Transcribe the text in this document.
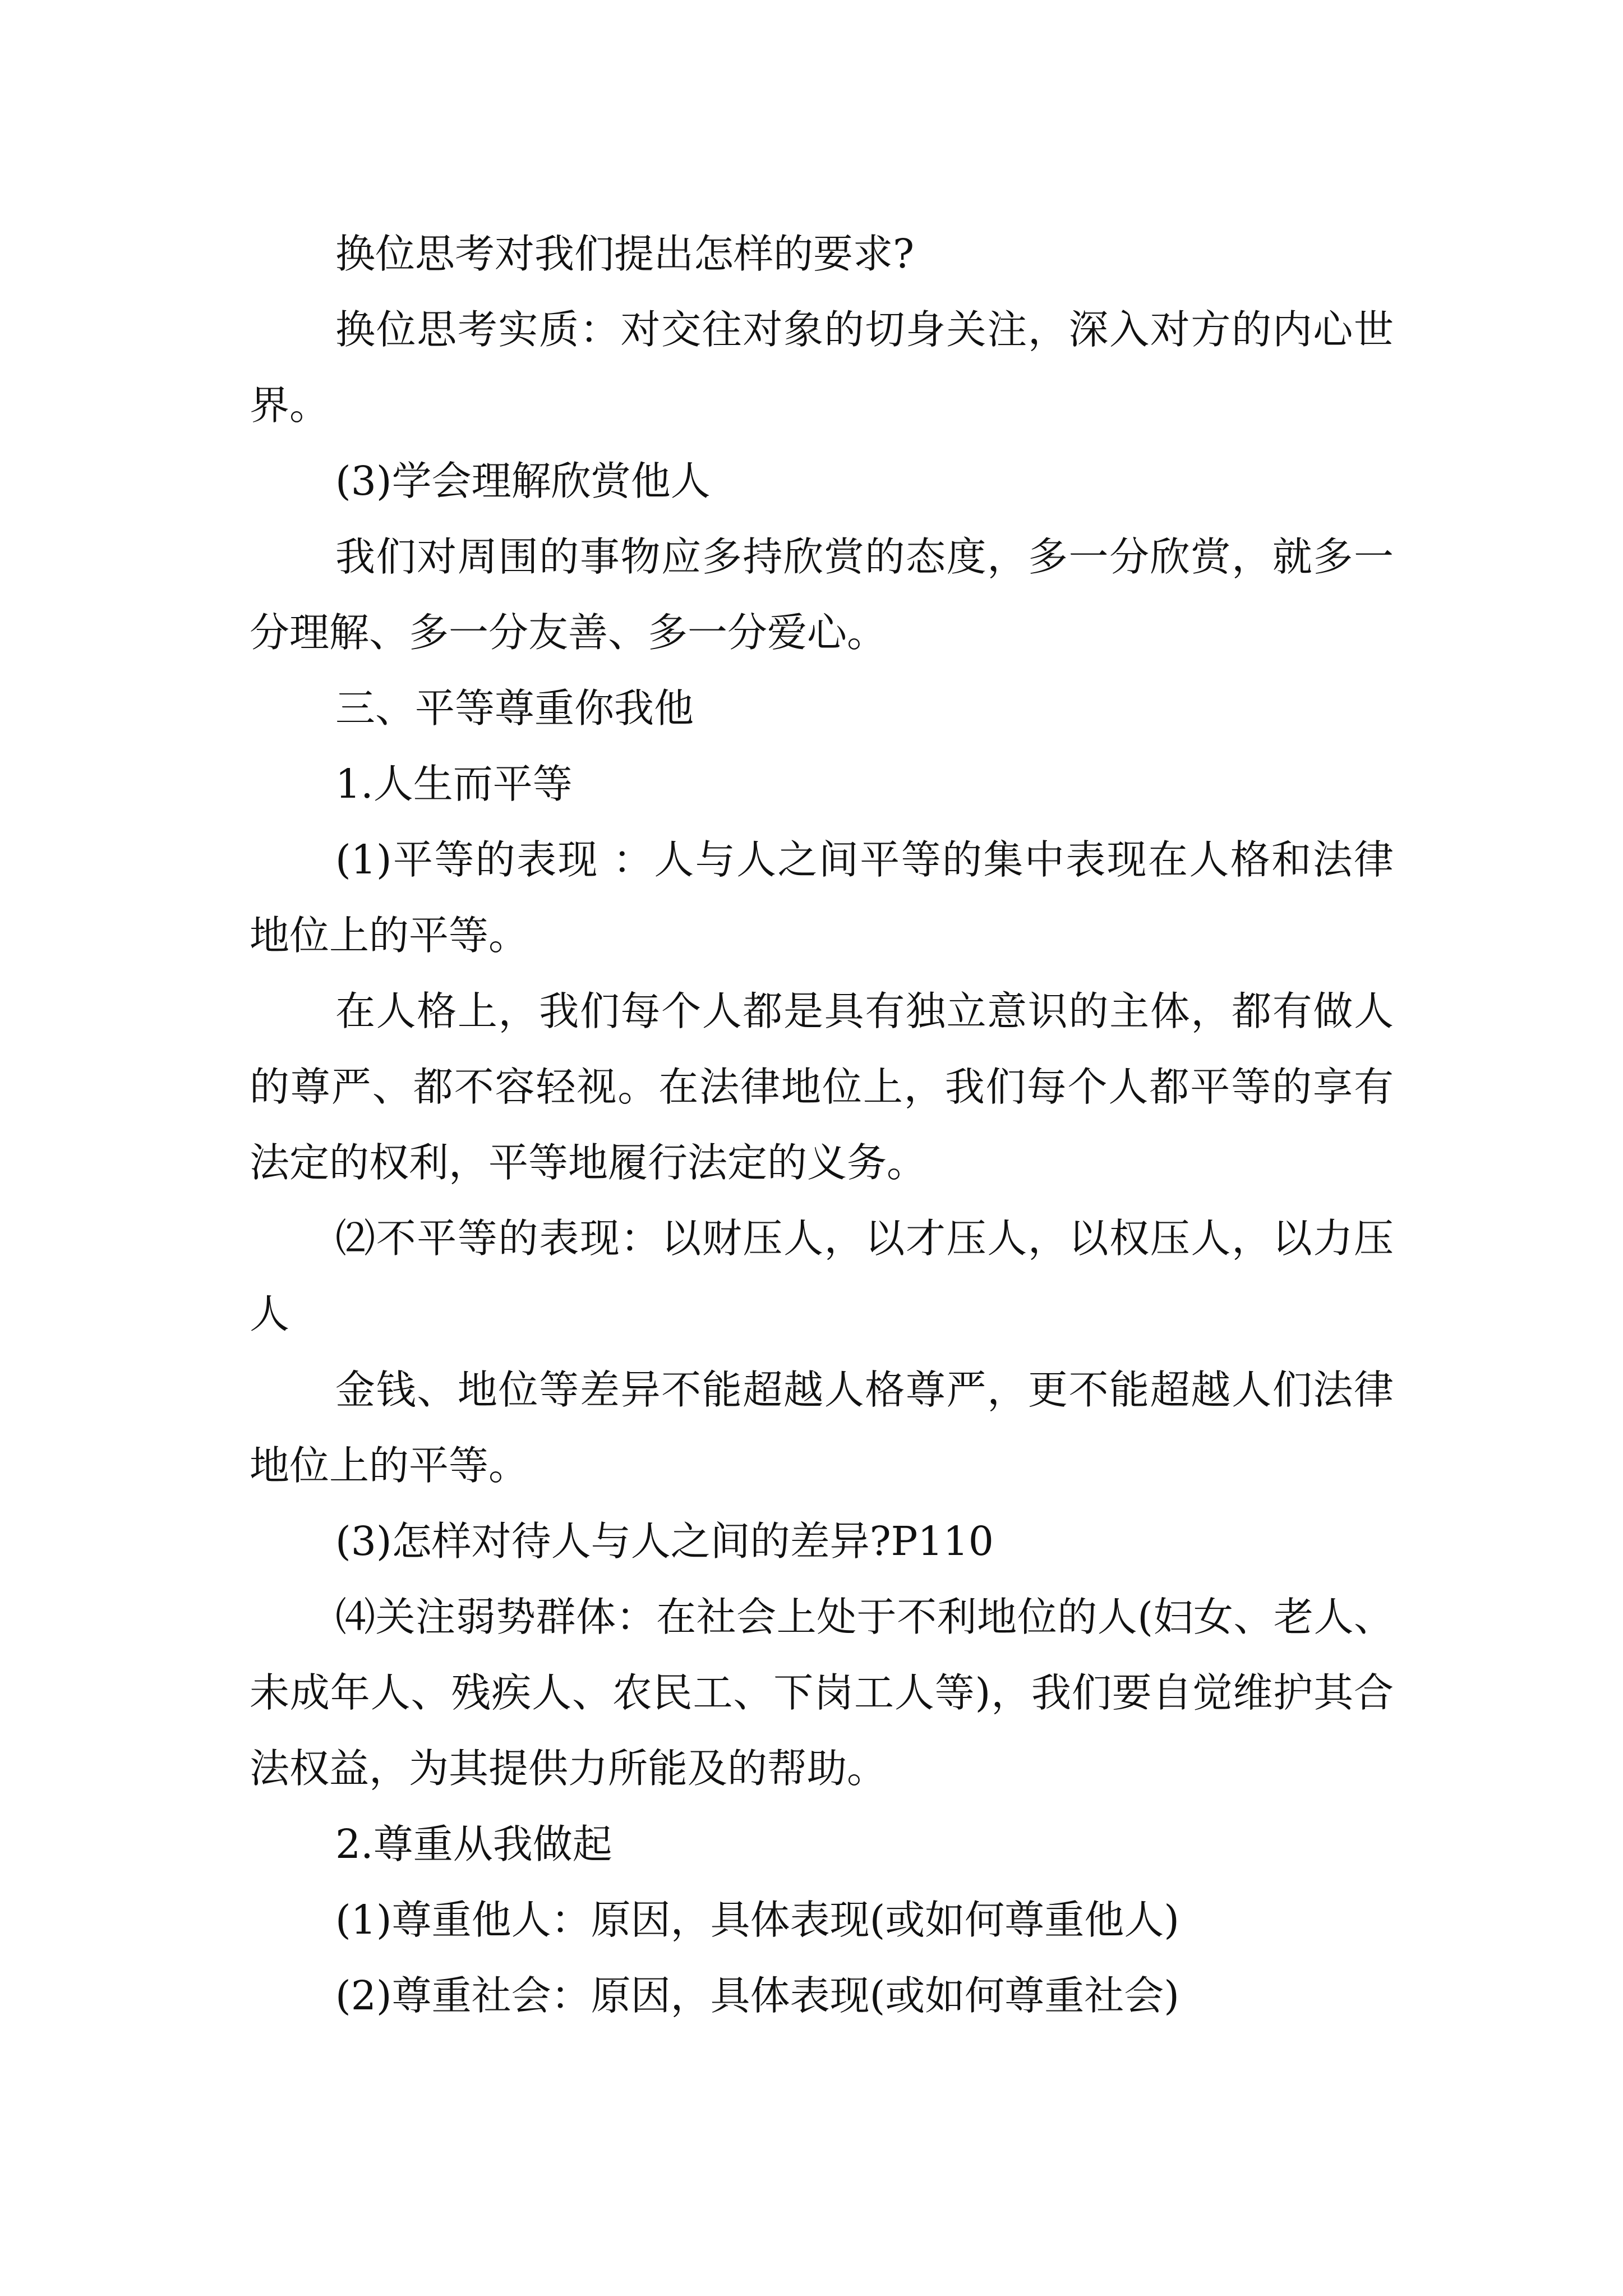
换位思考对我们提出怎样的要求?

换位思考实质：对交往对象的切身关注，深入对方的内心世界。

(3)学会理解欣赏他人

我们对周围的事物应多持欣赏的态度，多一分欣赏，就多一分理解、多一分友善、多一分爱心。

三、平等尊重你我他

1.人生而平等

(1)平等的表现 ：人与人之间平等的集中表现在人格和法律地位上的平等。

在人格上，我们每个人都是具有独立意识的主体，都有做人的尊严、都不容轻视。在法律地位上，我们每个人都平等的享有法定的权利，平等地履行法定的义务。

⑵不平等的表现：以财压人，以才压人，以权压人，以力压人

金钱、地位等差异不能超越人格尊严，更不能超越人们法律地位上的平等。

(3)怎样对待人与人之间的差异?P110

⑷关注弱势群体：在社会上处于不利地位的人(妇女、老人、未成年人、残疾人、农民工、下岗工人等)，我们要自觉维护其合法权益，为其提供力所能及的帮助。

2.尊重从我做起

(1)尊重他人：原因，具体表现(或如何尊重他人)

(2)尊重社会：原因，具体表现(或如何尊重社会)
